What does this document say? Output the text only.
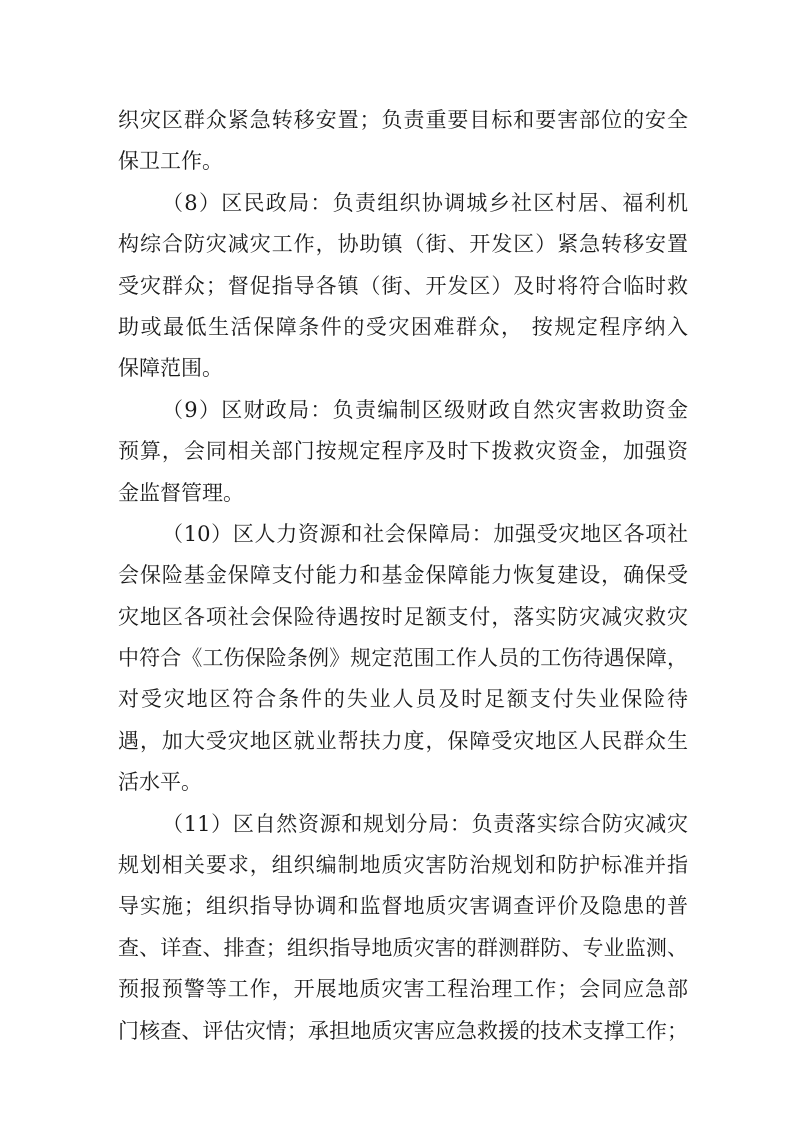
织灾区群众紧急转移安置；负责重要目标和要害部位的安全
保卫工作。
（8）区民政局：负责组织协调城乡社区村居、福利机
构综合防灾减灾工作，协助镇（街、开发区）紧急转移安置
受灾群众；督促指导各镇（街、开发区）及时将符合临时救
助或最低生活保障条件的受灾困难群众， 按规定程序纳入
保障范围。
（9）区财政局：负责编制区级财政自然灾害救助资金
预算，会同相关部门按规定程序及时下拨救灾资金，加强资
金监督管理。
（10）区人力资源和社会保障局：加强受灾地区各项社
会保险基金保障支付能力和基金保障能力恢复建设，确保受
灾地区各项社会保险待遇按时足额支付，落实防灾减灾救灾
中符合《工伤保险条例》规定范围工作人员的工伤待遇保障，
对受灾地区符合条件的失业人员及时足额支付失业保险待
遇，加大受灾地区就业帮扶力度，保障受灾地区人民群众生
活水平。
（11）区自然资源和规划分局：负责落实综合防灾减灾
规划相关要求，组织编制地质灾害防治规划和防护标准并指
导实施；组织指导协调和监督地质灾害调查评价及隐患的普
查、详查、排查；组织指导地质灾害的群测群防、专业监测、
预报预警等工作，开展地质灾害工程治理工作；会同应急部
门核查、评估灾情；承担地质灾害应急救援的技术支撑工作；
